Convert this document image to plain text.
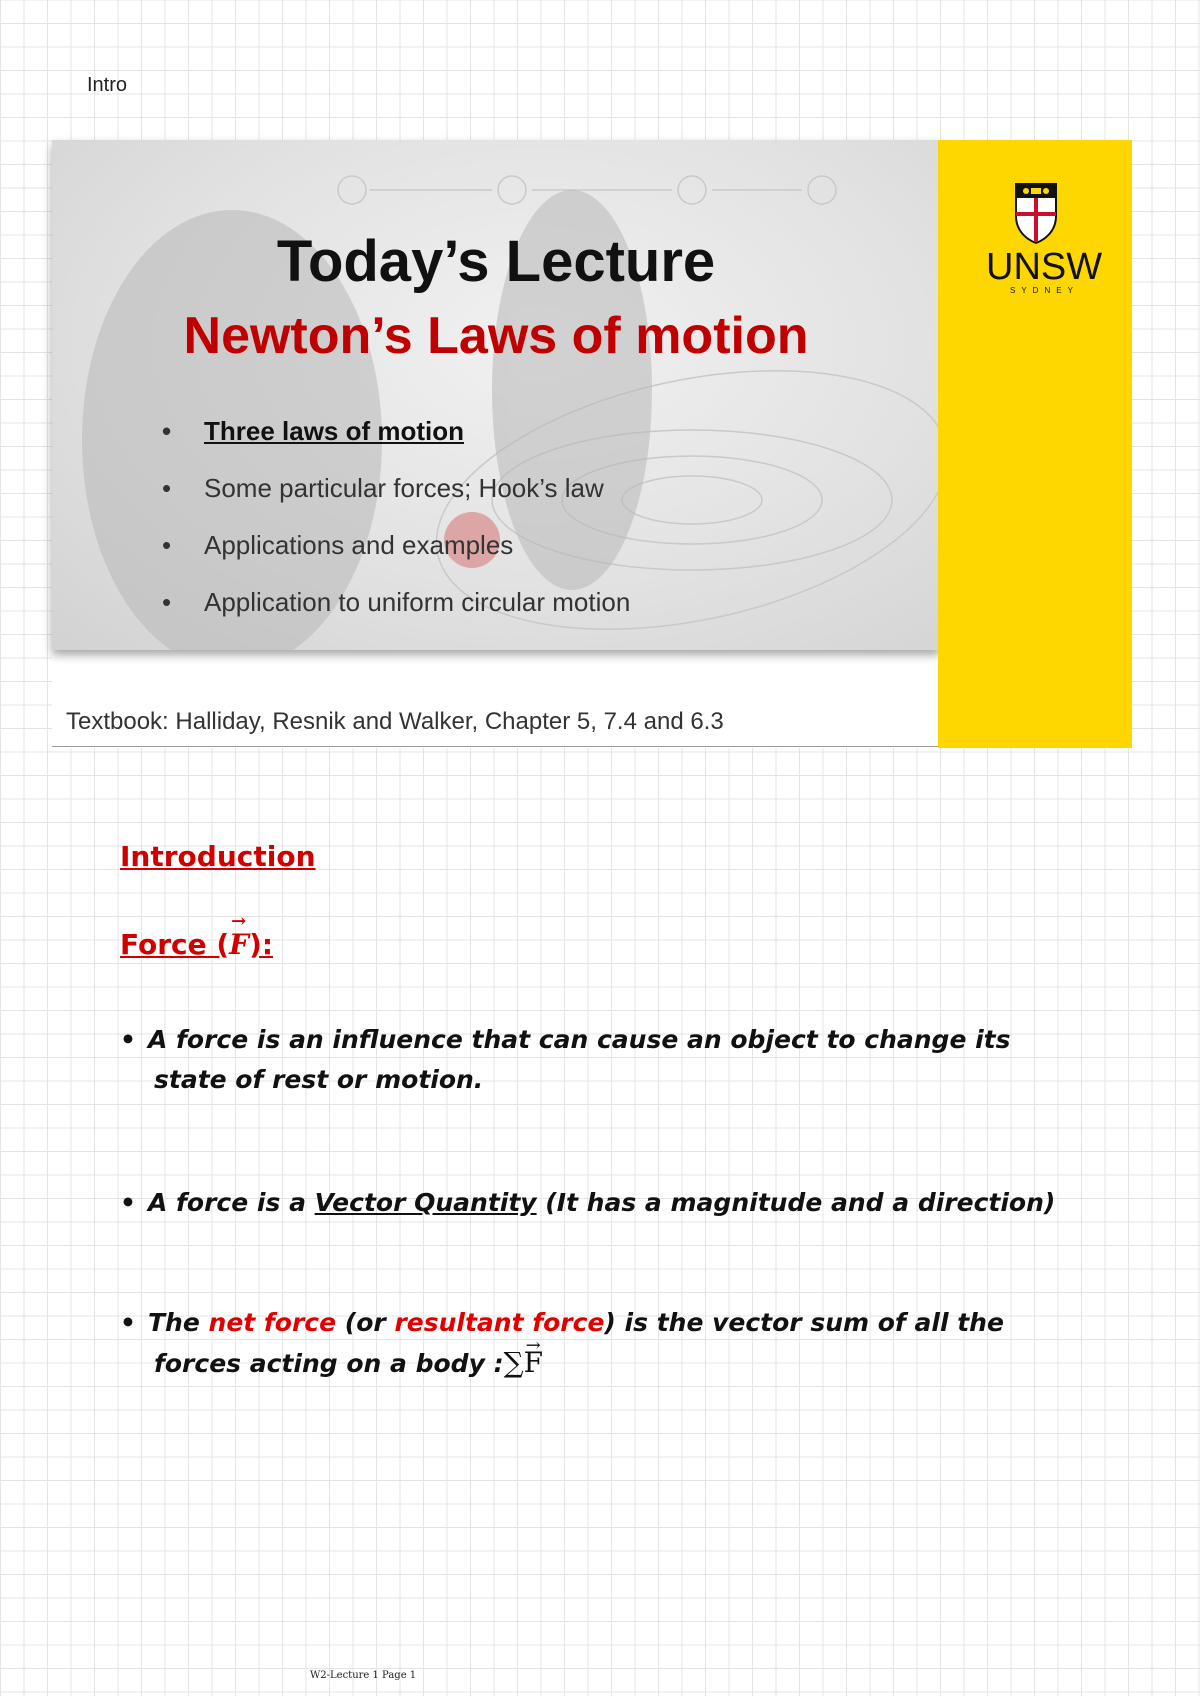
Intro
Today’s Lecture
Newton’s Laws of motion
• Three laws of motion
• Some particular forces; Hook’s law
• Applications and examples
• Application to uniform circular motion
UNSW
SYDNEY
Textbook: Halliday, Resnik and Walker, Chapter 5, 7.4 and 6.3
Introduction
Force (→ F):

• A force is an influence that can cause an object to change its
state of rest or motion.

• A force is a Vector Quantity (It has a magnitude and a direction)

• The net force (or resultant force) is the vector sum of all the
forces acting on a body :∑→ F

W2-Lecture 1 Page 1
